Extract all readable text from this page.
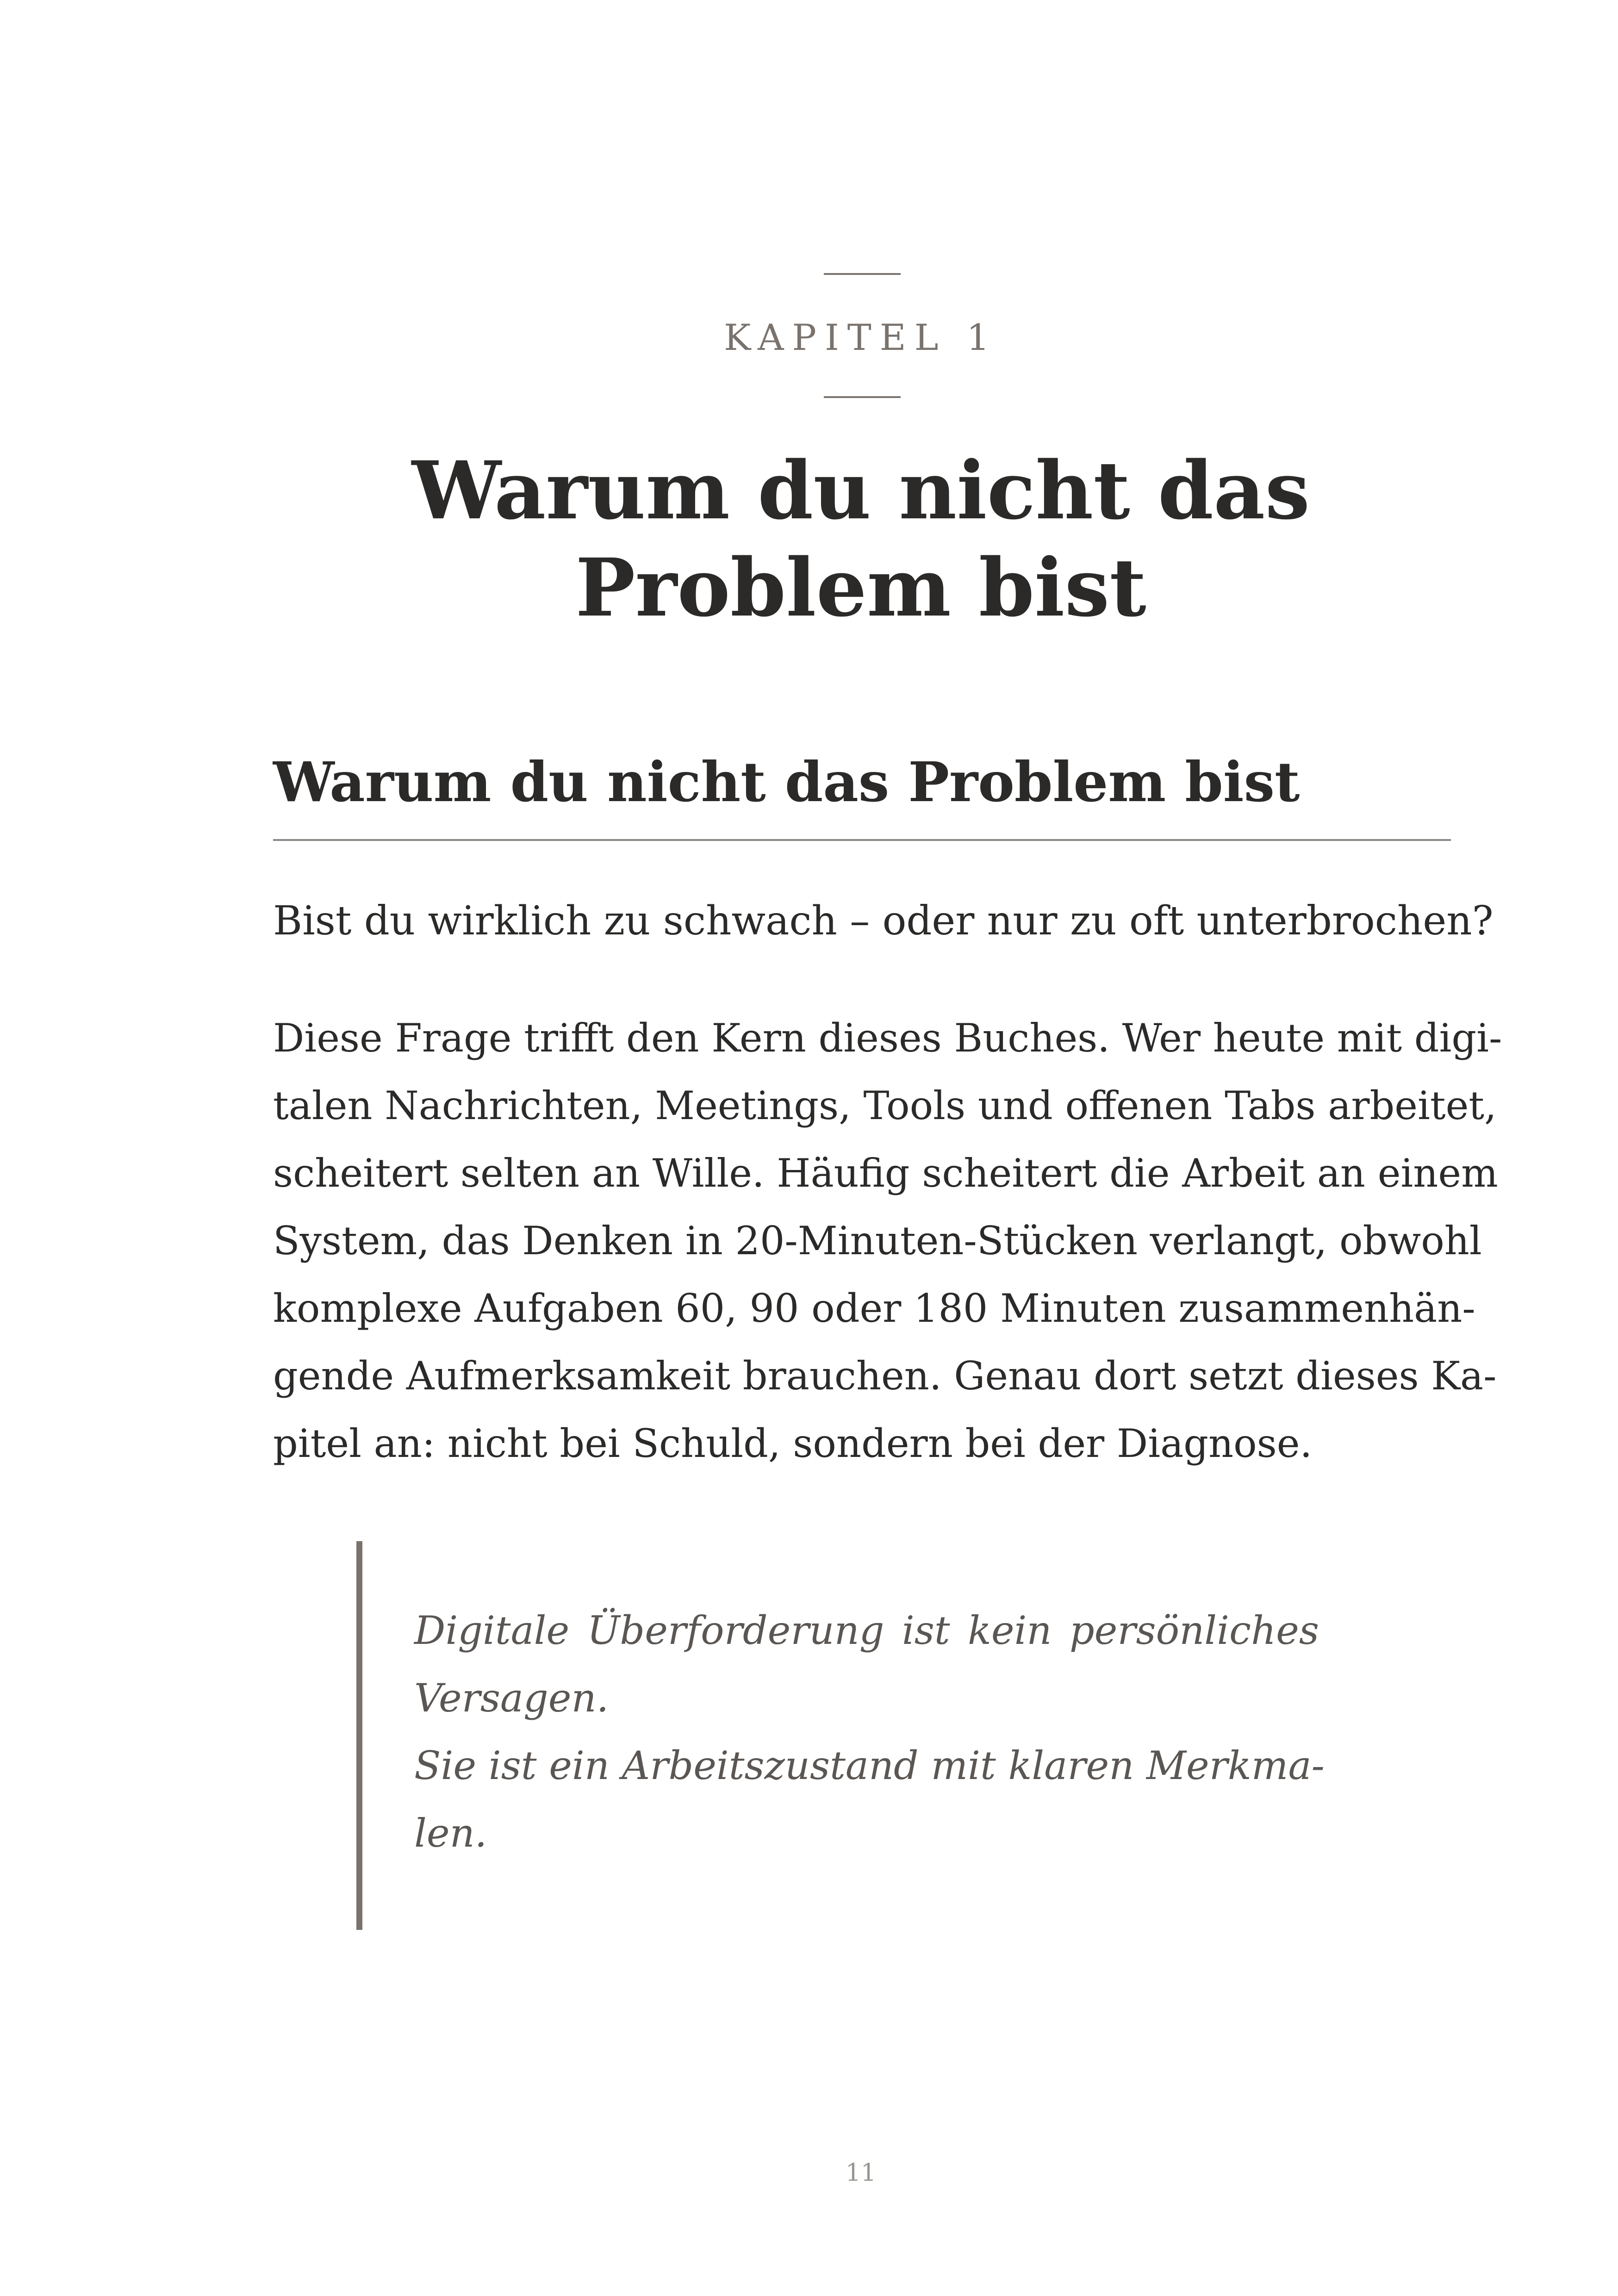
KAPITEL 1
Warum du nicht das
Problem bist
Warum du nicht das Problem bist

Bist du wirklich zu schwach – oder nur zu oft unterbrochen?

Diese Frage trifft den Kern dieses Buches. Wer heute mit digi-
talen Nachrichten, Meetings, Tools und offenen Tabs arbeitet,
scheitert selten an Wille. Häufig scheitert die Arbeit an einem
System, das Denken in 20-Minuten-Stücken verlangt, obwohl
komplexe Aufgaben 60, 90 oder 180 Minuten zusammenhän-
gende Aufmerksamkeit brauchen. Genau dort setzt dieses Ka-
pitel an: nicht bei Schuld, sondern bei der Diagnose.

Digitale Überforderung ist kein persönliches
Versagen.
Sie ist ein Arbeitszustand mit klaren Merkma-
len.
11
